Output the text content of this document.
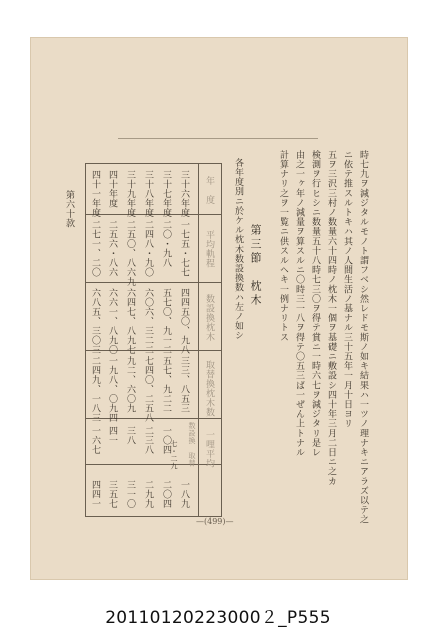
時七九ヲ減ジタルモノト謂フベシ然レドモ斯ノ如キ結果ハ一ツノ理ナキニアラズ以テ之
ニ依テ推スルトキハ其ノ人間生活ノ基ナル三十五年一月十日ヨリ
五ヲ三沢三村ノ数量六十四時ノ枕木一個ヲ基礎ニ敷設シ四十年三月二日ニ之カ
検測ヲ行ヒシニ数量五十八時七三〇ヲ得テ賞ニ一時六七ヲ減ジタリ是レ
由之一ヶ年ノ減量ヲ算スルニ〇時三一八ヲ得テ〇五三ば一ぜん上トナル
計算ナリ之ヲ一覧ニ供スルヘキ一例ナリトス
第三節　枕木
各年度別ニ於ケル枕木数設換数ハ左ノ如シ
第六十款	年　度
平均軌程
数設換枕木
取替換枕木数
一哩平均
数設換　取替
三十六年度
一七五・七七
四四五〇、九八
三三、八五三
七・二九
一八九
三十七年度
二〇・九八
五七〇、九一二
五七、九二二
一〇四
二〇四
三十八年度
二四八・九〇
六〇六、三二二
七四〇、二五八
二三八
二九九
三十九年度
二五〇、八六九
六四七、八九七
九二、六〇九
三八
三一〇
四十年度
二五六・八六
六六一、八九〇
一九八、〇九四
四一
三五七
四十一年度
二七一、二〇
六八五、三〇三
二四九、一八三
一六七
四四一
—(499)—
20110120223000２_P555
